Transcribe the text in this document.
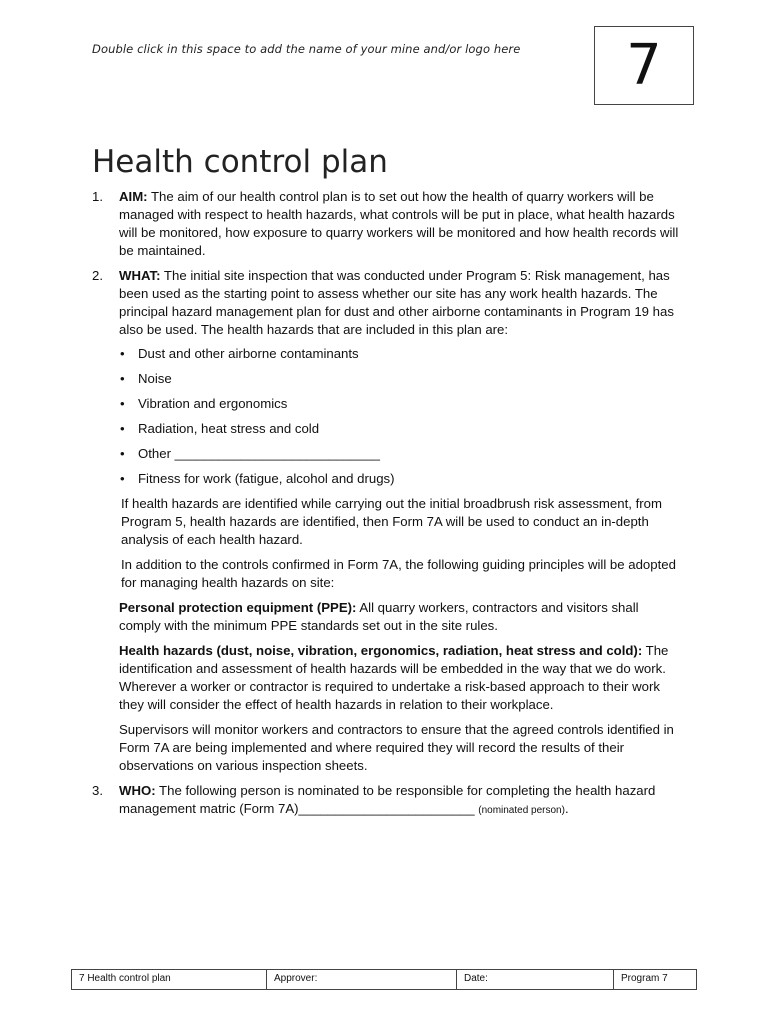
Double click in this space to add the name of your mine and/or logo here 7
Health control plan
1. AIM: The aim of our health control plan is to set out how the health of quarry workers will be managed with respect to health hazards, what controls will be put in place, what health hazards will be monitored, how exposure to quarry workers will be monitored and how health records will be maintained.

2. WHAT: The initial site inspection that was conducted under Program 5: Risk management, has been used as the starting point to assess whether our site has any work health hazards. The principal hazard management plan for dust and other airborne contaminants in Program 19 has also be used. The health hazards that are included in this plan are:

• Dust and other airborne contaminants
• Noise
• Vibration and ergonomics
• Radiation, heat stress and cold
• Other ____________________________
• Fitness for work (fatigue, alcohol and drugs)

If health hazards are identified while carrying out the initial broadbrush risk assessment, from Program 5, health hazards are identified, then Form 7A will be used to conduct an in-depth analysis of each health hazard.

In addition to the controls confirmed in Form 7A, the following guiding principles will be adopted for managing health hazards on site:

Personal protection equipment (PPE): All quarry workers, contractors and visitors shall comply with the minimum PPE standards set out in the site rules.

Health hazards (dust, noise, vibration, ergonomics, radiation, heat stress and cold): The identification and assessment of health hazards will be embedded in the way that we do work. Wherever a worker or contractor is required to undertake a risk-based approach to their work they will consider the effect of health hazards in relation to their workplace.

Supervisors will monitor workers and contractors to ensure that the agreed controls identified in Form 7A are being implemented and where required they will record the results of their observations on various inspection sheets.

3. WHO: The following person is nominated to be responsible for completing the health hazard management matric (Form 7A)________________________ (nominated person).

7 Health control plan	Approver:	Date:	Program 7
